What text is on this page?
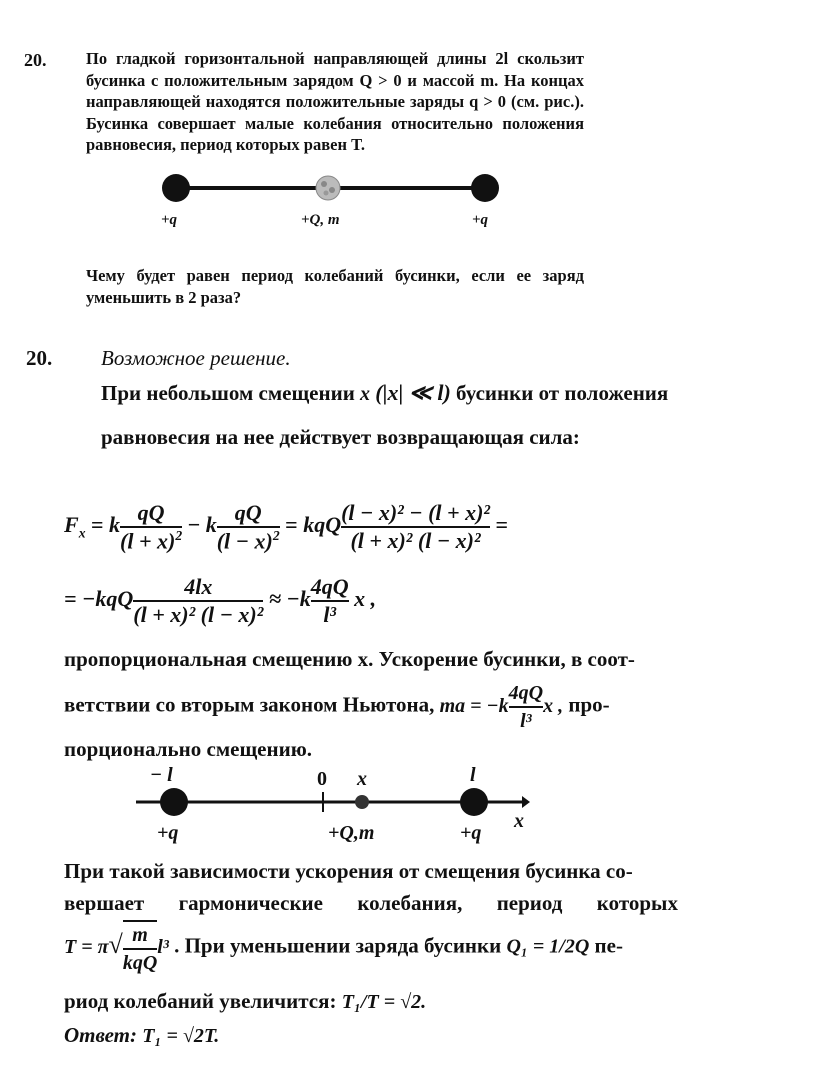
20. По гладкой горизонтальной направляющей длины 2l скользит бусинка с положительным зарядом Q > 0 и массой m. На концах направляющей находятся положительные заряды q > 0 (см. рис.). Бусинка совершает малые колебания относительно положения равновесия, период которых равен T.
+q	+Q, m	+q
Чему будет равен период колебаний бусинки, если ее заряд уменьшить в 2 раза?
20. Возможное решение.
При небольшом смещении x (|x| ≪ l) бусинки от положения
равновесия на нее действует возвращающая сила:
$F_x = k \frac{qQ}{(l + x)^2} - k \frac{qQ}{(l - x)^2}$ = kqQ $\frac{\text{(l − x)² − (l + x)²}}{\text{(l + x)² (l − x)²}}$ =
= $-kqQ \frac{4lx}{\text{(l + x)² (l − x)²}} \approx -k \frac{4qQ}{\text{l³}}$ x ,
пропорциональная смещению x. Ускорение бусинки, в соот-
ветствии со вторым законом Ньютона, ma = $-k \frac{4qQ}{\text{l³}}$ x , про-
порционально смещению.
− l	0 x	l
x
+q	+Q,m	+q
При такой зависимости ускорения от смещения бусинка со-
вершает гармонические колебания, период которых
$T = \pi√ \frac{m}{\text{kqQ}} l^3$ . При уменьшении заряда бусинки Q₁ = 1/2Q пе-
риод колебаний увеличится: T₁/T = √2.
Ответ: T₁ = √2T.
